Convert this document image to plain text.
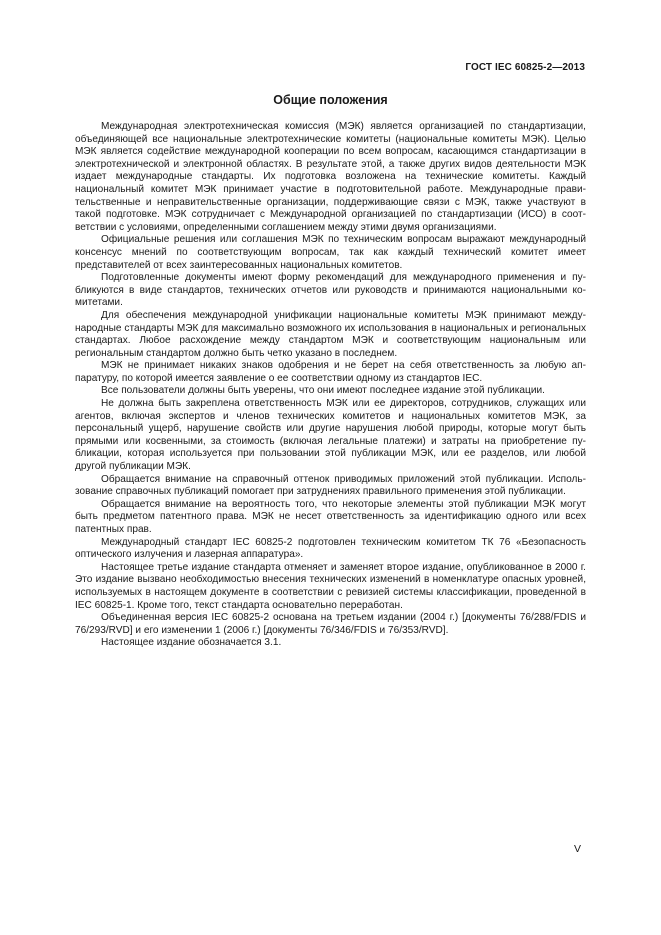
ГОСТ IEC 60825-2—2013
Общие положения

Международная электротехническая комиссия (МЭК) является организацией по стандартизации, объединяющей все национальные электротехнические комитеты (национальные комитеты МЭК). Целью МЭК является содействие международной кооперации по всем вопросам, касающимся стандартизации в электротехнической и электронной областях. В результате этой, а также других видов деятельности МЭК издает международные стандарты. Их подготовка возложена на технические комитеты. Каждый национальный комитет МЭК принимает участие в подготовительной работе. Международные правительственные и неправительственные организации, поддерживающие связи с МЭК, также участвуют в такой подготовке. МЭК сотрудничает с Международной организацией по стандартизации (ИСО) в соответствии с условиями, определенными соглашением между этими двумя организациями.

Официальные решения или соглашения МЭК по техническим вопросам выражают международный консенсус мнений по соответствующим вопросам, так как каждый технический комитет имеет представителей от всех заинтересованных национальных комитетов.

Подготовленные документы имеют форму рекомендаций для международного применения и публикуются в виде стандартов, технических отчетов или руководств и принимаются национальными комитетами.

Для обеспечения международной унификации национальные комитеты МЭК принимают международные стандарты МЭК для максимально возможного их использования в национальных и региональных стандартах. Любое расхождение между стандартом МЭК и соответствующим национальным или региональным стандартом должно быть четко указано в последнем.

МЭК не принимает никаких знаков одобрения и не берет на себя ответственность за любую аппаратуру, по которой имеется заявление о ее соответствии одному из стандартов IEC.

Все пользователи должны быть уверены, что они имеют последнее издание этой публикации.

Не должна быть закреплена ответственность МЭК или ее директоров, сотрудников, служащих или агентов, включая экспертов и членов технических комитетов и национальных комитетов МЭК, за персональный ущерб, нарушение свойств или другие нарушения любой природы, которые могут быть прямыми или косвенными, за стоимость (включая легальные платежи) и затраты на приобретение публикации, которая используется при пользовании этой публикации МЭК, или ее разделов, или любой другой публикации МЭК.

Обращается внимание на справочный оттенок приводимых приложений этой публикации. Использование справочных публикаций помогает при затруднениях правильного применения этой публикации.

Обращается внимание на вероятность того, что некоторые элементы этой публикации МЭК могут быть предметом патентного права. МЭК не несет ответственность за идентификацию одного или всех патентных прав.

Международный стандарт IEC 60825-2 подготовлен техническим комитетом ТК 76 «Безопасность оптического излучения и лазерная аппаратура».

Настоящее третье издание стандарта отменяет и заменяет второе издание, опубликованное в 2000 г. Это издание вызвано необходимостью внесения технических изменений в номенклатуре опасных уровней, используемых в настоящем документе в соответствии с ревизией системы классификации, проведенной в IEC 60825-1. Кроме того, текст стандарта основательно переработан.

Объединенная версия IEC 60825-2 основана на третьем издании (2004 г.) [документы 76/288/FDIS и 76/293/RVD] и его изменении 1 (2006 г.) [документы 76/346/FDIS и 76/353/RVD].

Настоящее издание обозначается 3.1.

V
